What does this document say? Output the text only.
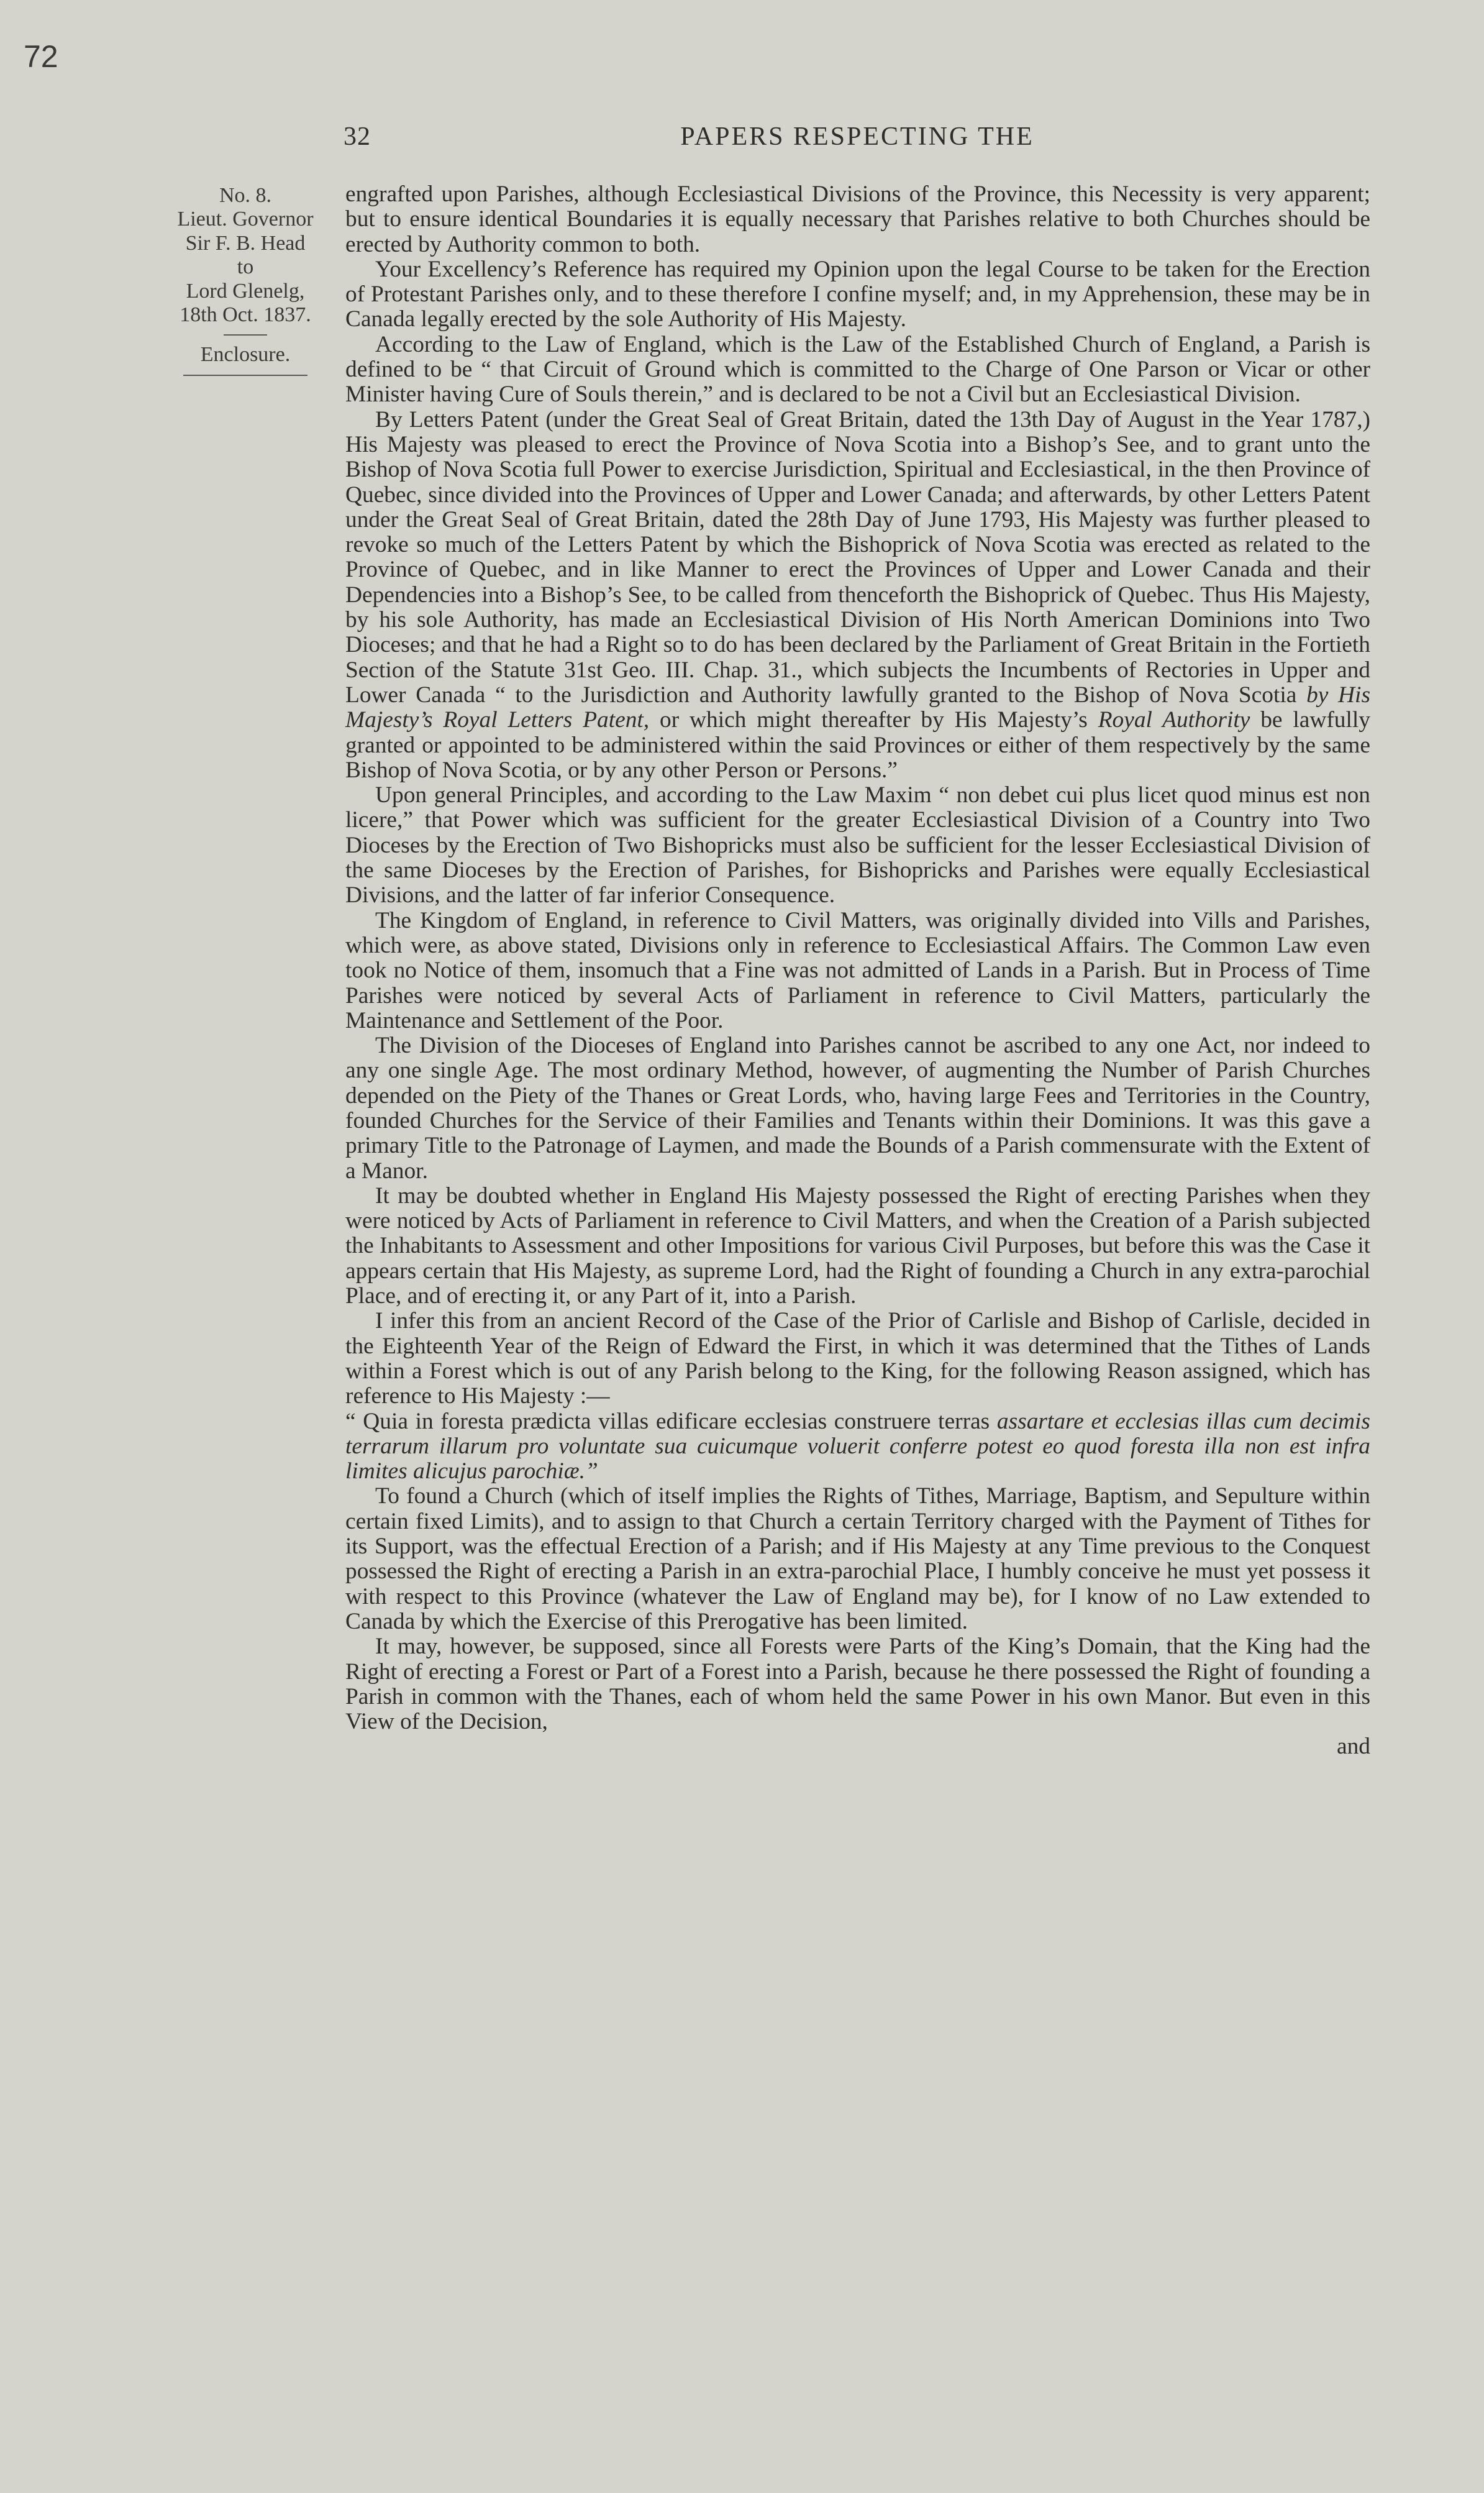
72
32	PAPERS RESPECTING THE
No. 8.
Lieut. Governor
Sir F. B. Head
to
Lord Glenelg,
18th Oct. 1837.
Enclosure.

engrafted upon Parishes, although Ecclesiastical Divisions of the Province, this Necessity is very apparent; but to ensure identical Boundaries it is equally necessary that Parishes relative to both Churches should be erected by Authority common to both.

Your Excellency’s Reference has required my Opinion upon the legal Course to be taken for the Erection of Protestant Parishes only, and to these therefore I confine myself; and, in my Apprehension, these may be in Canada legally erected by the sole Authority of His Majesty.

According to the Law of England, which is the Law of the Established Church of England, a Parish is defined to be “ that Circuit of Ground which is committed to the Charge of One Parson or Vicar or other Minister having Cure of Souls therein,” and is declared to be not a Civil but an Ecclesiastical Division.

By Letters Patent (under the Great Seal of Great Britain, dated the 13th Day of August in the Year 1787,) His Majesty was pleased to erect the Province of Nova Scotia into a Bishop’s See, and to grant unto the Bishop of Nova Scotia full Power to exercise Jurisdiction, Spiritual and Ecclesiastical, in the then Province of Quebec, since divided into the Provinces of Upper and Lower Canada; and afterwards, by other Letters Patent under the Great Seal of Great Britain, dated the 28th Day of June 1793, His Majesty was further pleased to revoke so much of the Letters Patent by which the Bishoprick of Nova Scotia was erected as related to the Province of Quebec, and in like Manner to erect the Provinces of Upper and Lower Canada and their Dependencies into a Bishop’s See, to be called from thenceforth the Bishoprick of Quebec. Thus His Majesty, by his sole Authority, has made an Ecclesiastical Division of His North American Dominions into Two Dioceses; and that he had a Right so to do has been declared by the Parliament of Great Britain in the Fortieth Section of the Statute 31st Geo. III. Chap. 31., which subjects the Incumbents of Rectories in Upper and Lower Canada “ to the Jurisdiction and Authority lawfully granted to the Bishop of Nova Scotia by His Majesty’s Royal Letters Patent, or which might thereafter by His Majesty’s Royal Authority be lawfully granted or appointed to be administered within the said Provinces or either of them respectively by the same Bishop of Nova Scotia, or by any other Person or Persons.”

Upon general Principles, and according to the Law Maxim “ non debet cui plus licet quod minus est non licere,” that Power which was sufficient for the greater Ecclesiastical Division of a Country into Two Dioceses by the Erection of Two Bishopricks must also be sufficient for the lesser Ecclesiastical Division of the same Dioceses by the Erection of Parishes, for Bishopricks and Parishes were equally Ecclesiastical Divisions, and the latter of far inferior Consequence.

The Kingdom of England, in reference to Civil Matters, was originally divided into Vills and Parishes, which were, as above stated, Divisions only in reference to Ecclesiastical Affairs. The Common Law even took no Notice of them, insomuch that a Fine was not admitted of Lands in a Parish. But in Process of Time Parishes were noticed by several Acts of Parliament in reference to Civil Matters, particularly the Maintenance and Settlement of the Poor.

The Division of the Dioceses of England into Parishes cannot be ascribed to any one Act, nor indeed to any one single Age. The most ordinary Method, however, of augmenting the Number of Parish Churches depended on the Piety of the Thanes or Great Lords, who, having large Fees and Territories in the Country, founded Churches for the Service of their Families and Tenants within their Dominions. It was this gave a primary Title to the Patronage of Laymen, and made the Bounds of a Parish commensurate with the Extent of a Manor.

It may be doubted whether in England His Majesty possessed the Right of erecting Parishes when they were noticed by Acts of Parliament in reference to Civil Matters, and when the Creation of a Parish subjected the Inhabitants to Assessment and other Impositions for various Civil Purposes, but before this was the Case it appears certain that His Majesty, as supreme Lord, had the Right of founding a Church in any extra-parochial Place, and of erecting it, or any Part of it, into a Parish.

I infer this from an ancient Record of the Case of the Prior of Carlisle and Bishop of Carlisle, decided in the Eighteenth Year of the Reign of Edward the First, in which it was determined that the Tithes of Lands within a Forest which is out of any Parish belong to the King, for the following Reason assigned, which has reference to His Majesty :—

“ Quia in foresta prædicta villas edificare ecclesias construere terras assartare et ecclesias illas cum decimis terrarum illarum pro voluntate sua cuicumque voluerit conferre potest eo quod foresta illa non est infra limites alicujus parochiæ.”

To found a Church (which of itself implies the Rights of Tithes, Marriage, Baptism, and Sepulture within certain fixed Limits), and to assign to that Church a certain Territory charged with the Payment of Tithes for its Support, was the effectual Erection of a Parish; and if His Majesty at any Time previous to the Conquest possessed the Right of erecting a Parish in an extra-parochial Place, I humbly conceive he must yet possess it with respect to this Province (whatever the Law of England may be), for I know of no Law extended to Canada by which the Exercise of this Prerogative has been limited.

It may, however, be supposed, since all Forests were Parts of the King’s Domain, that the King had the Right of erecting a Forest or Part of a Forest into a Parish, because he there possessed the Right of founding a Parish in common with the Thanes, each of whom held the same Power in his own Manor. But even in this View of the Decision,

and
